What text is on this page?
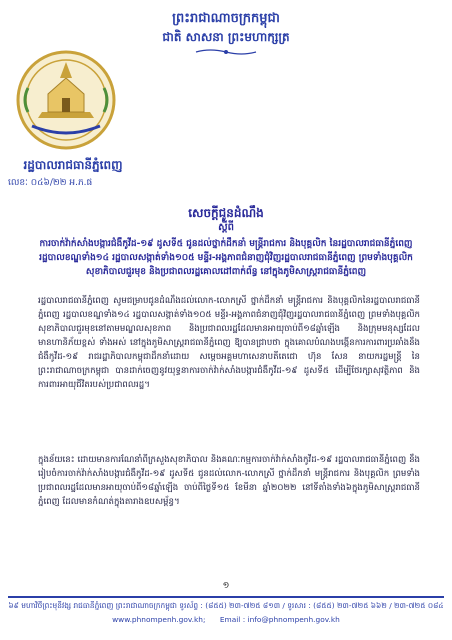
ព្រះរាជាណាចក្រកម្ពុជា
ជាតិ សាសនា ព្រះមហាក្សត្រ
រដ្ឋបាលរាជធានីភ្នំពេញ
លេខៈ ០៤៦/២២ អ.ភ.ផ
សេចក្ដីជូនដំណឹង
ស្ដីពី
ការចាក់វ៉ាក់សាំងបង្ការជំងឺកូវីដ-១៩ ដូសទី៥ ជូនដល់ថ្នាក់ដឹកនាំ មន្ត្រីរាជការ និងបុគ្គលិក នៃរដ្ឋបាលរាជធានីភ្នំពេញ រដ្ឋបាលខណ្ឌទាំង១៤ រដ្ឋបាលសង្កាត់ទាំង១០៥ មន្ទីរ-អង្គភាពជំនាញជុំវិញរដ្ឋបាលរាជធានីភ្នំពេញ ព្រមទាំងបុគ្គលិកសុខាភិបាលជួរមុខ និងប្រជាពលរដ្ឋគោលដៅពាក់ព័ន្ធ នៅក្នុងភូមិសាស្ត្ររាជធានីភ្នំពេញ
រដ្ឋបាលរាជធានីភ្នំពេញ សូមជម្រាបជូនដំណឹងដល់លោក-លោកស្រី ថ្នាក់ដឹកនាំ មន្ត្រីរាជការ និងបុគ្គលិកនៃរដ្ឋបាលរាជធានីភ្នំពេញ រដ្ឋបាលខណ្ឌទាំង១៤ រដ្ឋបាលសង្កាត់ទាំង១០៥ មន្ទីរ-អង្គភាពជំនាញជុំវិញរដ្ឋបាលរាជធានីភ្នំពេញ ព្រមទាំងបុគ្គលិកសុខាភិបាលជួរមុខនៅតាមមណ្ឌលសុខភាព និងប្រជាពលរដ្ឋដែលមានអាយុចាប់ពី១៨ឆ្នាំឡើង និងក្រុមមនុស្សដែលមានហានិភ័យខ្ពស់ ទាំងអស់ នៅក្នុងភូមិសាស្ត្ររាជធានីភ្នំពេញ ឱ្យបានជ្រាបថា ក្នុងគោលបំណងបង្កើនការការពារប្រឆាំងនឹងជំងឺកូវីដ-១៩ រាជរដ្ឋាភិបាលកម្ពុជាដឹកនាំដោយ សម្តេចអគ្គមហាសេនាបតីតេជោ ហ៊ុន សែន នាយករដ្ឋមន្ត្រី នៃព្រះរាជាណាចក្រកម្ពុជា បានដាក់ចេញនូវយុទ្ធនាការចាក់វ៉ាក់សាំងបង្ការជំងឺកូវីដ-១៩ ដូសទី៥ ដើម្បីថែរក្សាសុវត្ថិភាព និងការពារអាយុជីវិតរបស់ប្រជាពលរដ្ឋ។
ក្នុងន័យនេះ ដោយមានការណែនាំពីក្រសួងសុខាភិបាល និងគណៈកម្មការចាក់វ៉ាក់សាំងកូវីដ-១៩ រដ្ឋបាលរាជធានីភ្នំពេញ នឹងរៀបចំការចាក់វ៉ាក់សាំងបង្ការជំងឺកូវីដ-១៩ ដូសទី៥ ជូនដល់លោក-លោកស្រី ថ្នាក់ដឹកនាំ មន្ត្រីរាជការ និងបុគ្គលិក ព្រមទាំងប្រជាពលរដ្ឋដែលមានអាយុចាប់ពី១៨ឆ្នាំឡើង ចាប់ពីថ្ងៃទី១៥ ខែមីនា ឆ្នាំ២០២២ នៅទីតាំងទាំង៦ក្នុងភូមិសាស្ត្ររាជធានីភ្នំពេញ ដែលមានកំណត់ក្នុងតារាងឧបសម្ព័ន្ធ។
១
៦៩ មហាវិថីព្រះមុនីវង្ស រាជធានីភ្នំពេញ ព្រះរាជាណាចក្រកម្ពុជា ទូរស័ព្ទ : (៨៥៥) ២៣-៧២៥ ៨១៣ / ទូរសារ : (៨៥៥) ២៣-៧២៥ ៦៦២ / ២៣-៧២៥ ០៨៤
www.phnompenh.gov.kh; Email : info@phnompenh.gov.kh
